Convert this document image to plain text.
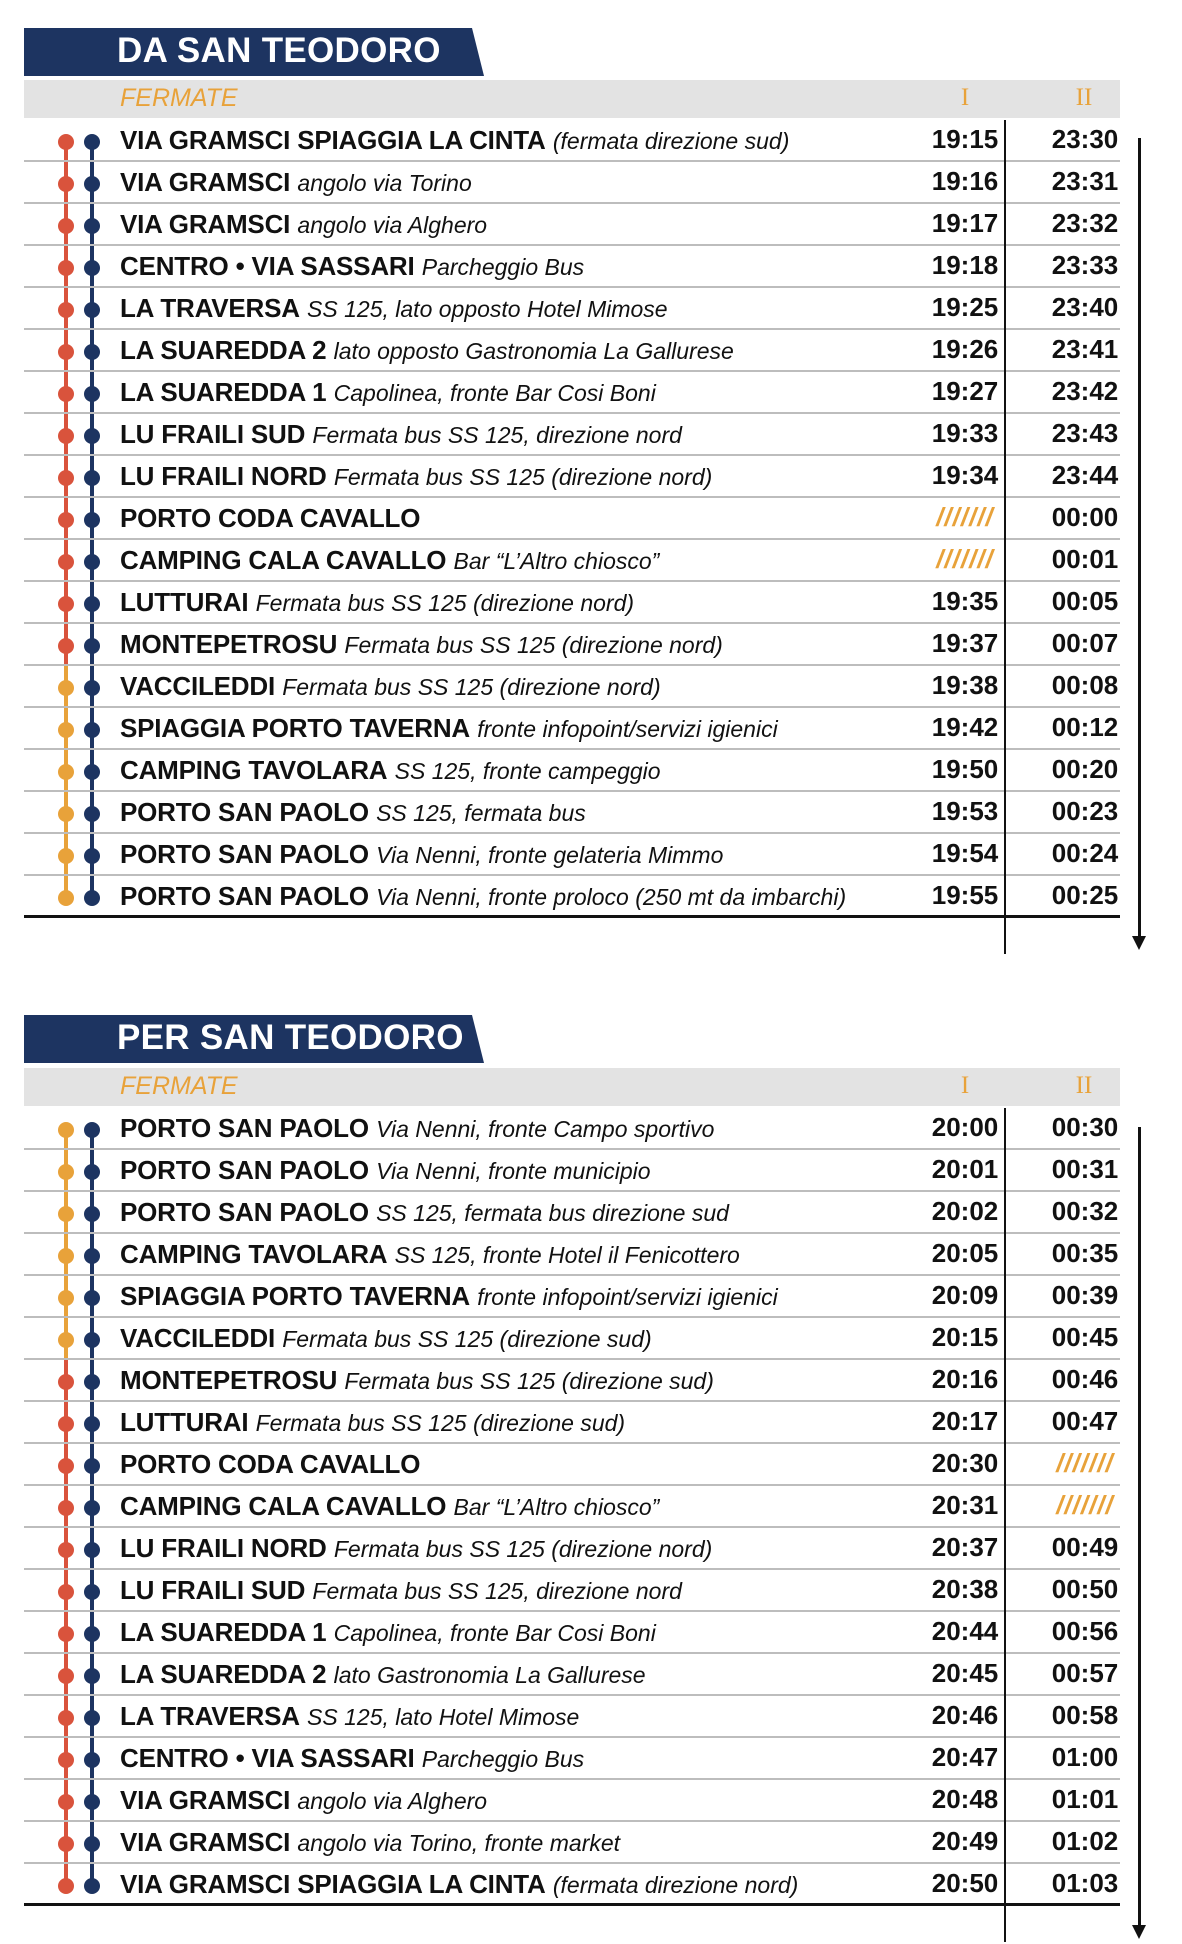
DA SAN TEODORO
FERMATE	I	II
VIA GRAMSCI SPIAGGIA LA CINTA (fermata direzione sud)	19:15	23:30
VIA GRAMSCI angolo via Torino	19:16	23:31
VIA GRAMSCI angolo via Alghero	19:17	23:32
CENTRO • VIA SASSARI Parcheggio Bus	19:18	23:33
LA TRAVERSA SS 125, lato opposto Hotel Mimose	19:25	23:40
LA SUAREDDA 2 lato opposto Gastronomia La Gallurese	19:26	23:41
LA SUAREDDA 1 Capolinea, fronte Bar Cosi Boni	19:27	23:42
LU FRAILI SUD Fermata bus SS 125, direzione nord	19:33	23:43
LU FRAILI NORD Fermata bus SS 125 (direzione nord)	19:34	23:44
PORTO CODA CAVALLO	///////	00:00
CAMPING CALA CAVALLO Bar “L’Altro chiosco”	///////	00:01
LUTTURAI Fermata bus SS 125 (direzione nord)	19:35	00:05
MONTEPETROSU Fermata bus SS 125 (direzione nord)	19:37	00:07
VACCILEDDI Fermata bus SS 125 (direzione nord)	19:38	00:08
SPIAGGIA PORTO TAVERNA fronte infopoint/servizi igienici	19:42	00:12
CAMPING TAVOLARA SS 125, fronte campeggio	19:50	00:20
PORTO SAN PAOLO SS 125, fermata bus	19:53	00:23
PORTO SAN PAOLO Via Nenni, fronte gelateria Mimmo	19:54	00:24
PORTO SAN PAOLO Via Nenni, fronte proloco (250 mt da imbarchi)	19:55	00:25
PER SAN TEODORO
FERMATE	I	II
PORTO SAN PAOLO Via Nenni, fronte Campo sportivo	20:00	00:30
PORTO SAN PAOLO Via Nenni, fronte municipio	20:01	00:31
PORTO SAN PAOLO SS 125, fermata bus direzione sud	20:02	00:32
CAMPING TAVOLARA SS 125, fronte Hotel il Fenicottero	20:05	00:35
SPIAGGIA PORTO TAVERNA fronte infopoint/servizi igienici	20:09	00:39
VACCILEDDI Fermata bus SS 125 (direzione sud)	20:15	00:45
MONTEPETROSU Fermata bus SS 125 (direzione sud)	20:16	00:46
LUTTURAI Fermata bus SS 125 (direzione sud)	20:17	00:47
PORTO CODA CAVALLO	20:30	///////
CAMPING CALA CAVALLO Bar “L’Altro chiosco”	20:31	///////
LU FRAILI NORD Fermata bus SS 125 (direzione nord)	20:37	00:49
LU FRAILI SUD Fermata bus SS 125, direzione nord	20:38	00:50
LA SUAREDDA 1 Capolinea, fronte Bar Cosi Boni	20:44	00:56
LA SUAREDDA 2 lato Gastronomia La Gallurese	20:45	00:57
LA TRAVERSA SS 125, lato Hotel Mimose	20:46	00:58
CENTRO • VIA SASSARI Parcheggio Bus	20:47	01:00
VIA GRAMSCI angolo via Alghero	20:48	01:01
VIA GRAMSCI angolo via Torino, fronte market	20:49	01:02
VIA GRAMSCI SPIAGGIA LA CINTA (fermata direzione nord)	20:50	01:03
